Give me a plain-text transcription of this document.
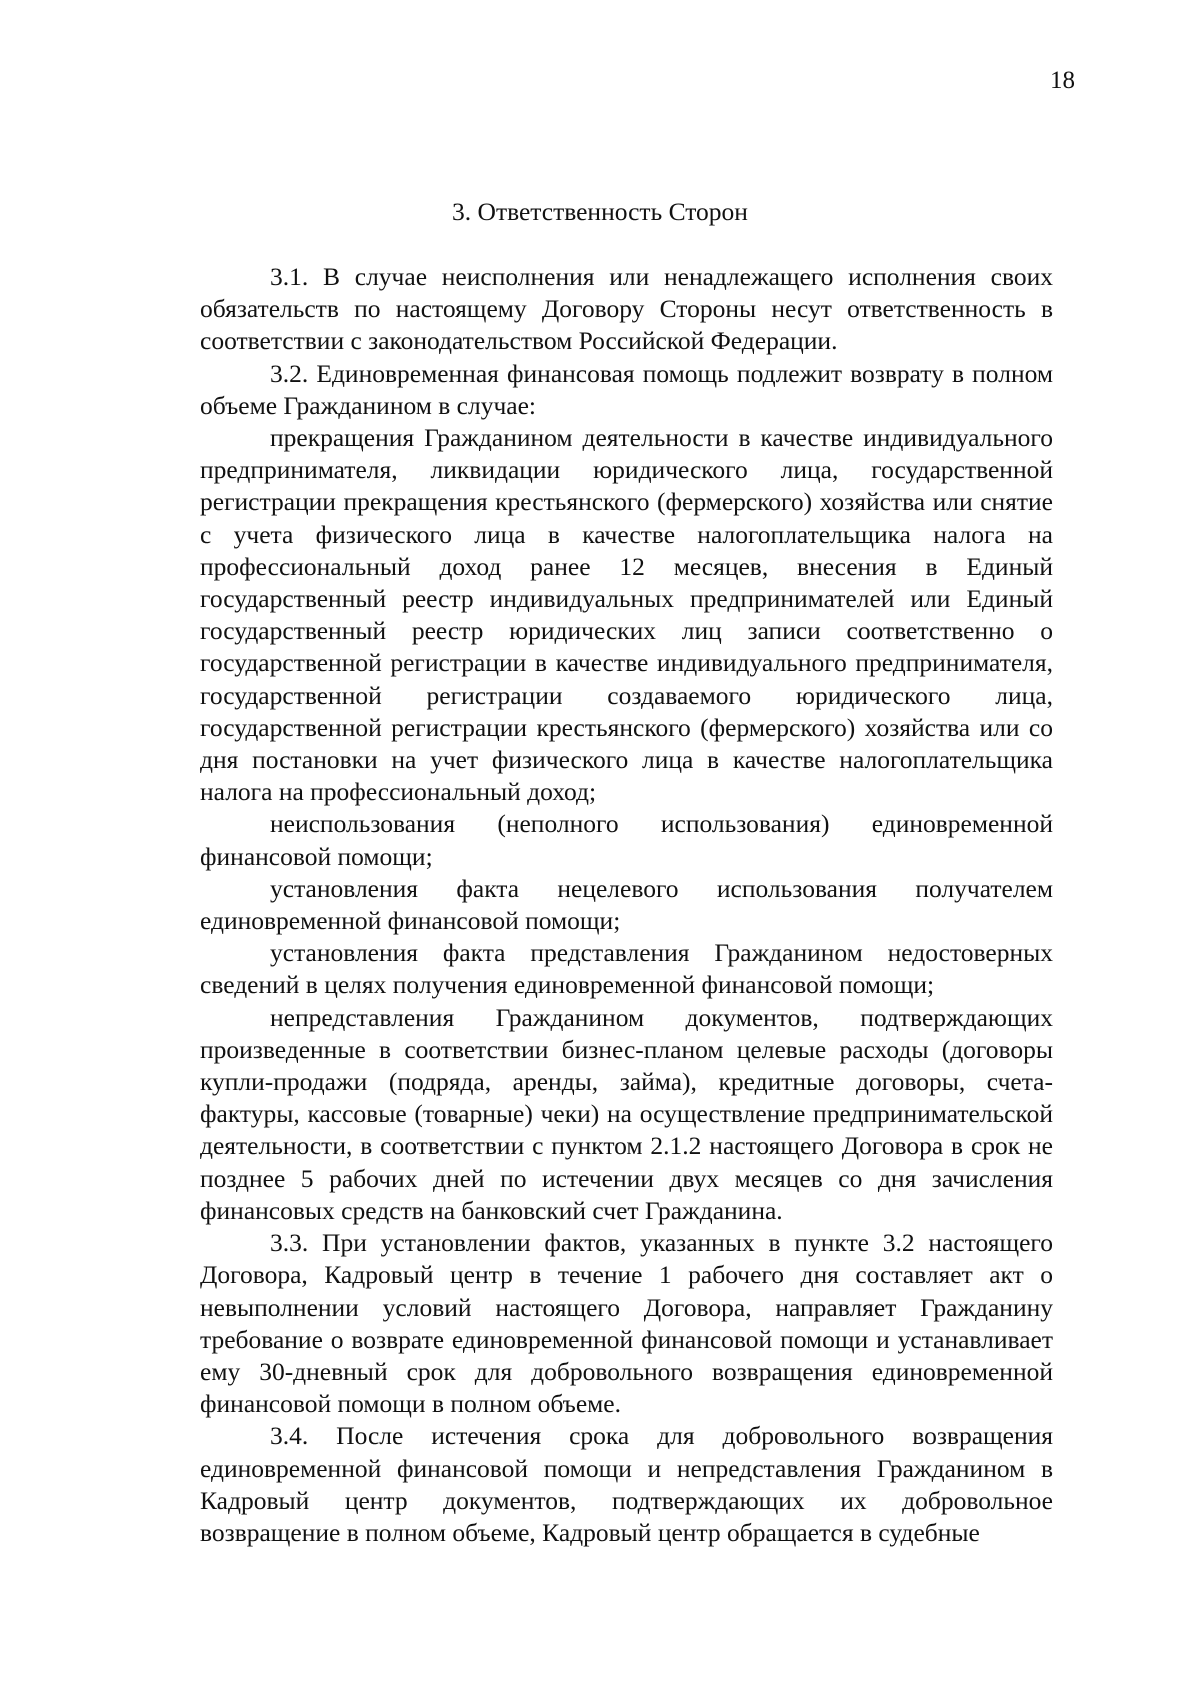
18
3. Ответственность Сторон

3.1. В случае неисполнения или ненадлежащего исполнения своих обязательств по настоящему Договору Стороны несут ответственность в соответствии с законодательством Российской Федерации.

3.2. Единовременная финансовая помощь подлежит возврату в полном объеме Гражданином в случае:

прекращения Гражданином деятельности в качестве индивидуального предпринимателя, ликвидации юридического лица, государственной регистрации прекращения крестьянского (фермерского) хозяйства или снятие с учета физического лица в качестве налогоплательщика налога на профессиональный доход ранее 12 месяцев, внесения в Единый государственный реестр индивидуальных предпринимателей или Единый государственный реестр юридических лиц записи соответственно о государственной регистрации в качестве индивидуального предпринимателя, государственной регистрации создаваемого юридического лица, государственной регистрации крестьянского (фермерского) хозяйства или со дня постановки на учет физического лица в качестве налогоплательщика налога на профессиональный доход;

неиспользования (неполного использования) единовременной финансовой помощи;

установления факта нецелевого использования получателем единовременной финансовой помощи;

установления факта представления Гражданином недостоверных сведений в целях получения единовременной финансовой помощи;

непредставления Гражданином документов, подтверждающих произведенные в соответствии бизнес-планом целевые расходы (договоры купли-продажи (подряда, аренды, займа), кредитные договоры, счета-фактуры, кассовые (товарные) чеки) на осуществление предпринимательской деятельности, в соответствии с пунктом 2.1.2 настоящего Договора в срок не позднее 5 рабочих дней по истечении двух месяцев со дня зачисления финансовых средств на банковский счет Гражданина.

3.3. При установлении фактов, указанных в пункте 3.2 настоящего Договора, Кадровый центр в течение 1 рабочего дня составляет акт о невыполнении условий настоящего Договора, направляет Гражданину требование о возврате единовременной финансовой помощи и устанавливает ему 30-дневный срок для добровольного возвращения единовременной финансовой помощи в полном объеме.

3.4. После истечения срока для добровольного возвращения единовременной финансовой помощи и непредставления Гражданином в Кадровый центр документов, подтверждающих их добровольное возвращение в полном объеме, Кадровый центр обращается в судебные
